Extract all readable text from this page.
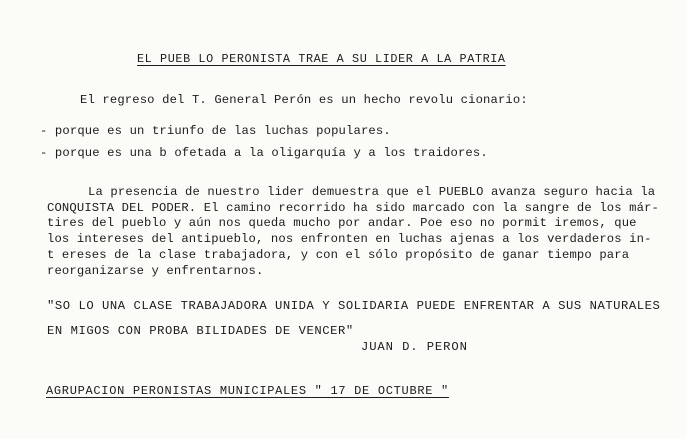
EL PUEB LO PERONISTA TRAE A SU LIDER A LA PATRIA
El regreso del T. General Perón es un hecho revolu cionario:
- porque es un triunfo de las luchas populares.
- porque es una b ofetada a la oligarquía y a los traidores.
La presencia de nuestro lider demuestra que el PUEBLO avanza seguro hacia la
CONQUISTA DEL PODER. El camino recorrido ha sido marcado con la sangre de los már-
tires del pueblo y aún nos queda mucho por andar. Poe eso no pormit iremos, que
los intereses del antipueblo, nos enfronten en luchas ajenas a los verdaderos in-
t ereses de la clase trabajadora, y con el sólo propósito de ganar tiempo para
reorganizarse y enfrentarnos.
"SO LO UNA CLASE TRABAJADORA UNIDA Y SOLIDARIA PUEDE ENFRENTAR A SUS NATURALES
EN MIGOS CON PROBA BILIDADES DE VENCER"
JUAN D. PERON
AGRUPACION PERONISTAS MUNICIPALES " 17 DE OCTUBRE "
